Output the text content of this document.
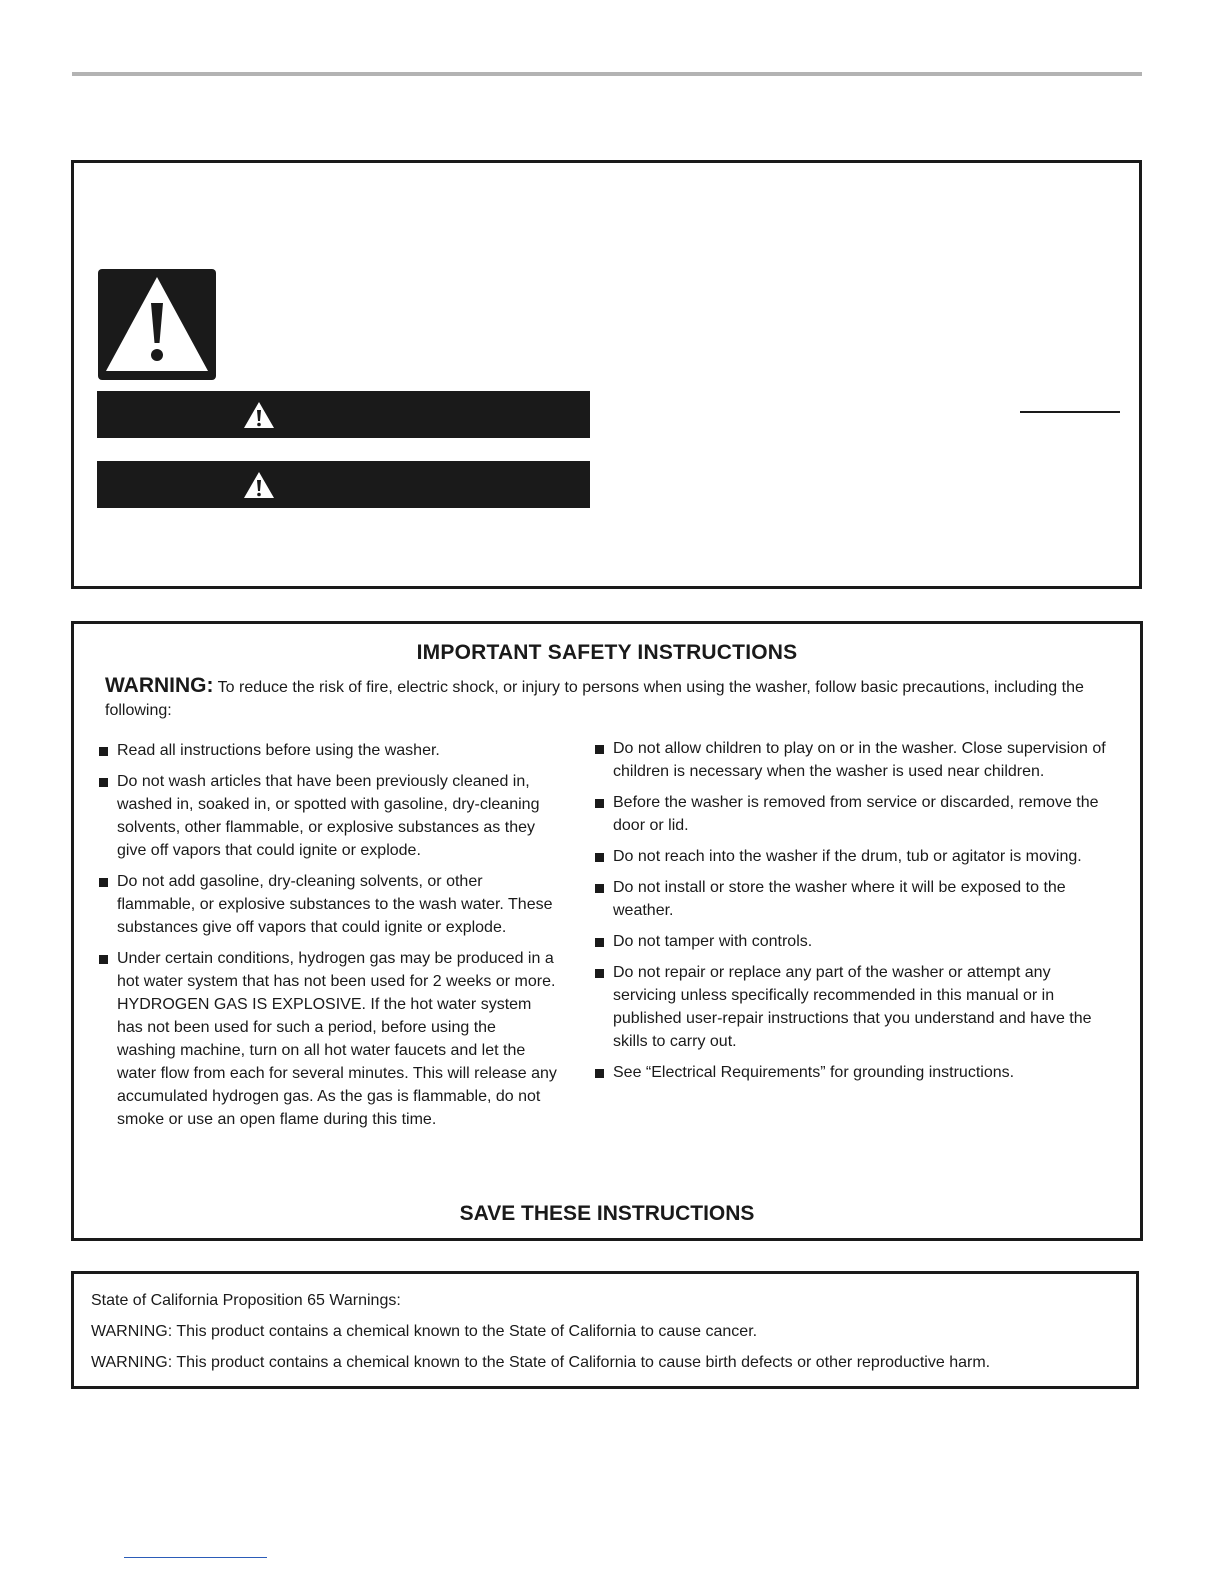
IMPORTANT SAFETY INSTRUCTIONS

WARNING: To reduce the risk of fire, electric shock, or injury to persons when using the washer, follow basic precautions, including the following:

Read all instructions before using the washer.
Do not wash articles that have been previously cleaned in, washed in, soaked in, or spotted with gasoline, dry-cleaning solvents, other flammable, or explosive substances as they give off vapors that could ignite or explode.
Do not add gasoline, dry-cleaning solvents, or other flammable, or explosive substances to the wash water. These substances give off vapors that could ignite or explode.
Under certain conditions, hydrogen gas may be produced in a hot water system that has not been used for 2 weeks or more. HYDROGEN GAS IS EXPLOSIVE. If the hot water system has not been used for such a period, before using the washing machine, turn on all hot water faucets and let the water flow from each for several minutes. This will release any accumulated hydrogen gas. As the gas is flammable, do not smoke or use an open flame during this time.
Do not allow children to play on or in the washer. Close supervision of children is necessary when the washer is used near children.
Before the washer is removed from service or discarded, remove the door or lid.
Do not reach into the washer if the drum, tub or agitator is moving.
Do not install or store the washer where it will be exposed to the weather.
Do not tamper with controls.
Do not repair or replace any part of the washer or attempt any servicing unless specifically recommended in this manual or in published user-repair instructions that you understand and have the skills to carry out.
See “Electrical Requirements” for grounding instructions.
SAVE THESE INSTRUCTIONS

State of California Proposition 65 Warnings:

WARNING: This product contains a chemical known to the State of California to cause cancer.

WARNING: This product contains a chemical known to the State of California to cause birth defects or other reproductive harm.
